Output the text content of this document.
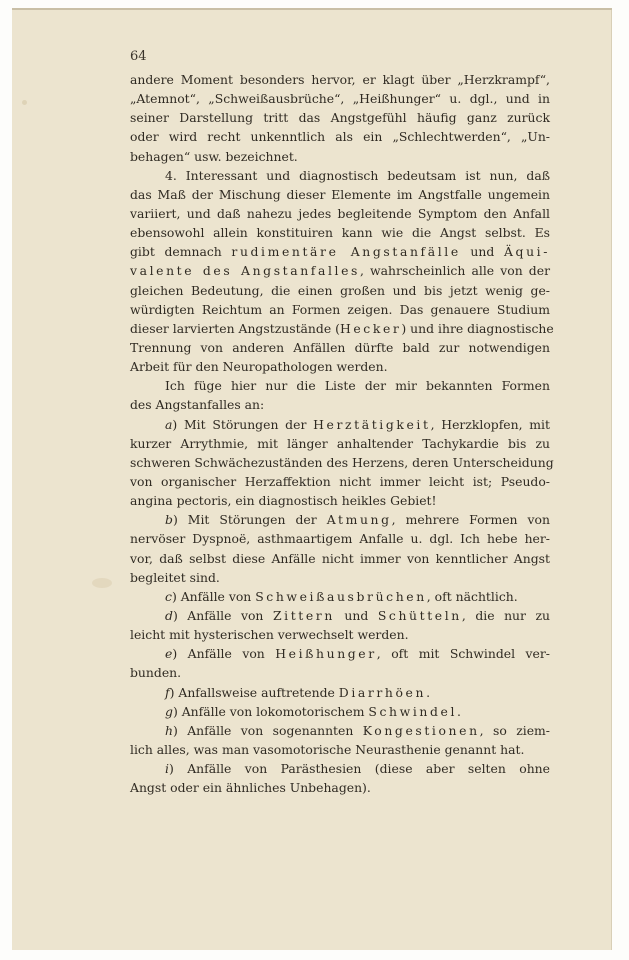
64
andere Moment besonders hervor, er klagt über „Herzkrampf“,
„Atemnot“, „Schweißausbrüche“, „Heißhunger“ u. dgl., und in
seiner Darstellung tritt das Angstgefühl häufig ganz zurück
oder wird recht unkenntlich als ein „Schlechtwerden“, „Un-
behagen“ usw. bezeichnet.
4. Interessant und diagnostisch bedeutsam ist nun, daß
das Maß der Mischung dieser Elemente im Angstfalle ungemein
variiert, und daß nahezu jedes begleitende Symptom den Anfall
ebensowohl allein konstituiren kann wie die Angst selbst. Es
gibt demnach rudimentäre Angstanfälle und Äqui-
valente des Angstanfalles, wahrscheinlich alle von der
gleichen Bedeutung, die einen großen und bis jetzt wenig ge-
würdigten Reichtum an Formen zeigen. Das genauere Studium
dieser larvierten Angstzustände (Hecker) und ihre diagnostische
Trennung von anderen Anfällen dürfte bald zur notwendigen
Arbeit für den Neuropathologen werden.
Ich füge hier nur die Liste der mir bekannten Formen
des Angstanfalles an:
a) Mit Störungen der Herztätigkeit, Herzklopfen, mit
kurzer Arrythmie, mit länger anhaltender Tachykardie bis zu
schweren Schwächezuständen des Herzens, deren Unterscheidung
von organischer Herzaffektion nicht immer leicht ist; Pseudo-
angina pectoris, ein diagnostisch heikles Gebiet!
b) Mit Störungen der Atmung, mehrere Formen von
nervöser Dyspnoë, asthmaartigem Anfalle u. dgl. Ich hebe her-
vor, daß selbst diese Anfälle nicht immer von kenntlicher Angst
begleitet sind.
c) Anfälle von Schweißausbrüchen, oft nächtlich.
d) Anfälle von Zittern und Schütteln, die nur zu
leicht mit hysterischen verwechselt werden.
e) Anfälle von Heißhunger, oft mit Schwindel ver-
bunden.
f) Anfallsweise auftretende Diarrhöen.
g) Anfälle von lokomotorischem Schwindel.
h) Anfälle von sogenannten Kongestionen, so ziem-
lich alles, was man vasomotorische Neurasthenie genannt hat.
i) Anfälle von Parästhesien (diese aber selten ohne
Angst oder ein ähnliches Unbehagen).
